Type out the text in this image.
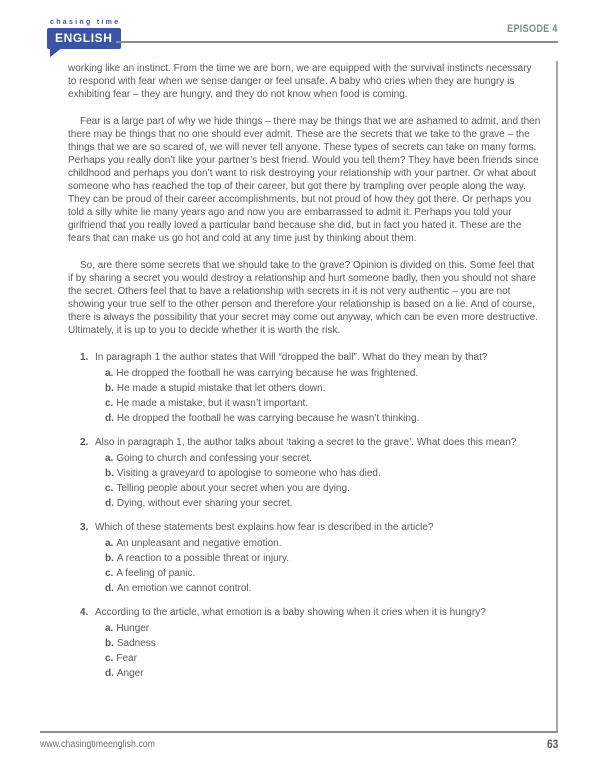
chasing time
ENGLISH
EPISODE 4

working like an instinct. From the time we are born, we are equipped with the survival instincts necessary to respond with fear when we sense danger or feel unsafe. A baby who cries when they are hungry is exhibiting fear – they are hungry, and they do not know when food is coming.

Fear is a large part of why we hide things – there may be things that we are ashamed to admit, and then there may be things that no one should ever admit. These are the secrets that we take to the grave – the things that we are so scared of, we will never tell anyone. These types of secrets can take on many forms. Perhaps you really don’t like your partner’s best friend. Would you tell them? They have been friends since childhood and perhaps you don’t want to risk destroying your relationship with your partner. Or what about someone who has reached the top of their career, but got there by trampling over people along the way. They can be proud of their career accomplishments, but not proud of how they got there. Or perhaps you told a silly white lie many years ago and now you are embarrassed to admit it. Perhaps you told your girlfriend that you really loved a particular band because she did, but in fact you hated it. These are the fears that can make us go hot and cold at any time just by thinking about them.

So, are there some secrets that we should take to the grave? Opinion is divided on this. Some feel that if by sharing a secret you would destroy a relationship and hurt someone badly, then you should not share the secret. Others feel that to have a relationship with secrets in it is not very authentic – you are not showing your true self to the other person and therefore your relationship is based on a lie. And of course, there is always the possibility that your secret may come out anyway, which can be even more destructive. Ultimately, it is up to you to decide whether it is worth the risk.

1. In paragraph 1 the author states that Will “dropped the ball”. What do they mean by that?
a. He dropped the football he was carrying because he was frightened.
b. He made a stupid mistake that let others down.
c. He made a mistake, but it wasn’t important.
d. He dropped the football he was carrying because he wasn’t thinking.
2. Also in paragraph 1, the author talks about ‘taking a secret to the grave’. What does this mean?
a. Going to church and confessing your secret.
b. Visiting a graveyard to apologise to someone who has died.
c. Telling people about your secret when you are dying.
d. Dying, without ever sharing your secret.
3. Which of these statements best explains how fear is described in the article?
a. An unpleasant and negative emotion.
b. A reaction to a possible threat or injury.
c. A feeling of panic.
d. An emotion we cannot control.
4. According to the article, what emotion is a baby showing when it cries when it is hungry?
a. Hunger
b. Sadness
c. Fear
d. Anger
www.chasingtimeenglish.com	63
